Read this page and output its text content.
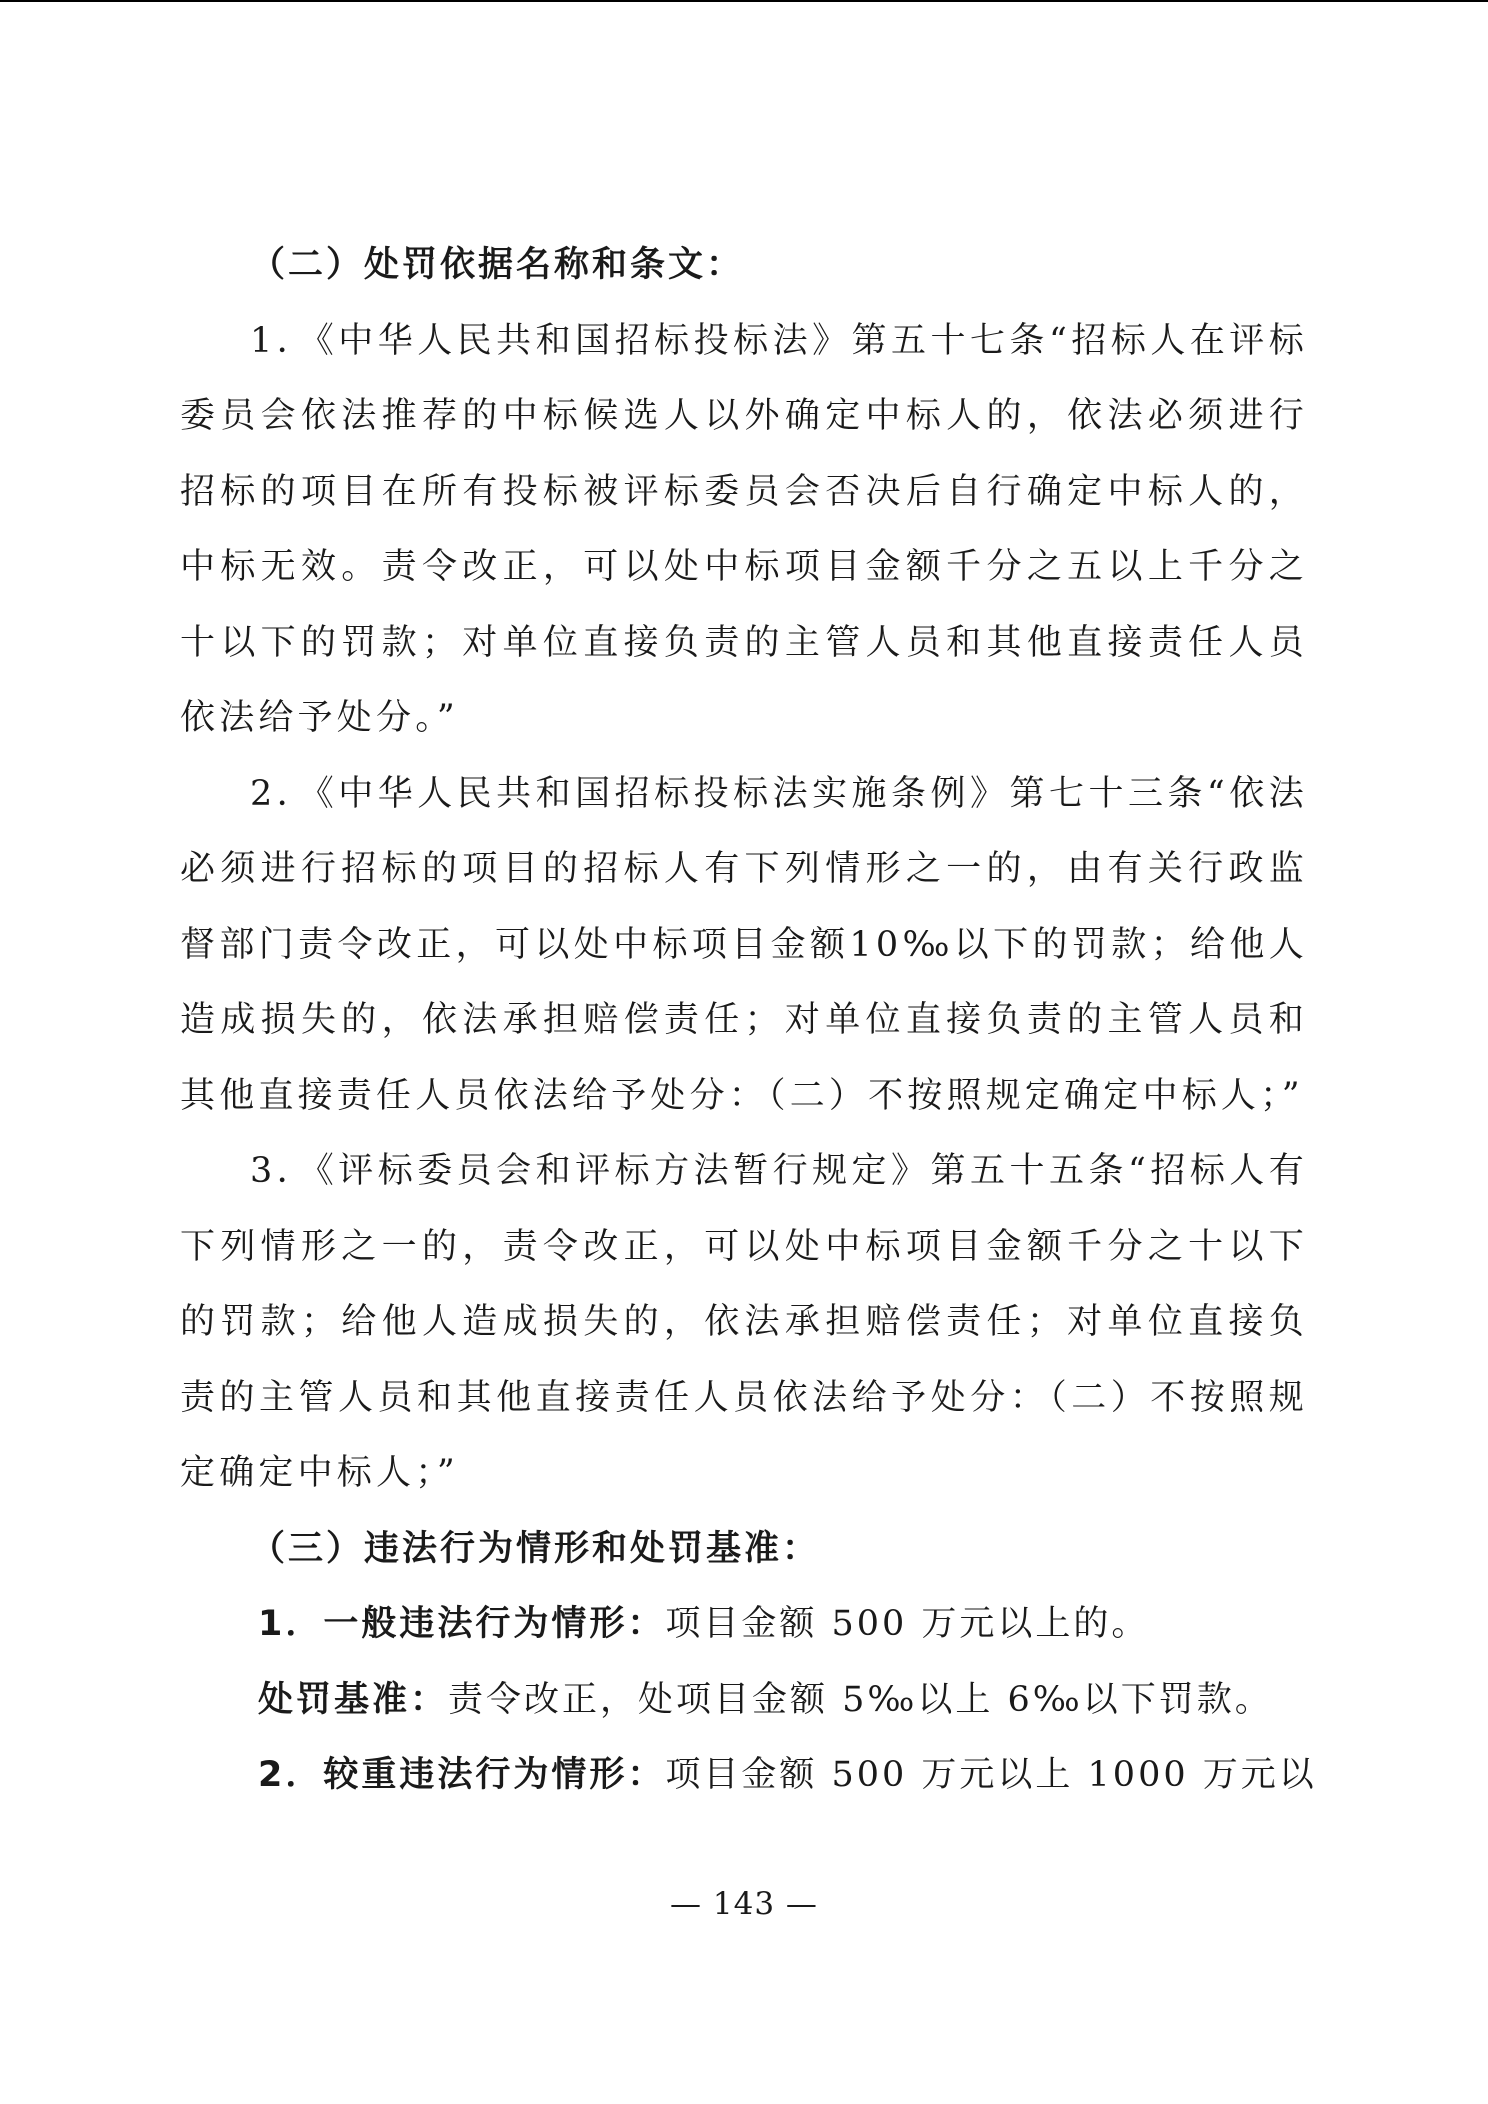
（二）处罚依据名称和条文：

1．《中华人民共和国招标投标法》第五十七条“招标人在评标委员会依法推荐的中标候选人以外确定中标人的，依法必须进行招标的项目在所有投标被评标委员会否决后自行确定中标人的，中标无效。责令改正，可以处中标项目金额千分之五以上千分之十以下的罚款；对单位直接负责的主管人员和其他直接责任人员依法给予处分。”

2．《中华人民共和国招标投标法实施条例》第七十三条“依法必须进行招标的项目的招标人有下列情形之一的，由有关行政监督部门责令改正，可以处中标项目金额10‰以下的罚款；给他人造成损失的，依法承担赔偿责任；对单位直接负责的主管人员和其他直接责任人员依法给予处分：（二）不按照规定确定中标人；”

3．《评标委员会和评标方法暂行规定》第五十五条“招标人有下列情形之一的，责令改正，可以处中标项目金额千分之十以下的罚款；给他人造成损失的，依法承担赔偿责任；对单位直接负责的主管人员和其他直接责任人员依法给予处分：（二）不按照规定确定中标人；”

（三）违法行为情形和处罚基准：

1．一般违法行为情形：项目金额 500 万元以上的。

处罚基准：责令改正，处项目金额 5‰以上 6‰以下罚款。

2．较重违法行为情形：项目金额 500 万元以上 1000 万元以

— 143 —
